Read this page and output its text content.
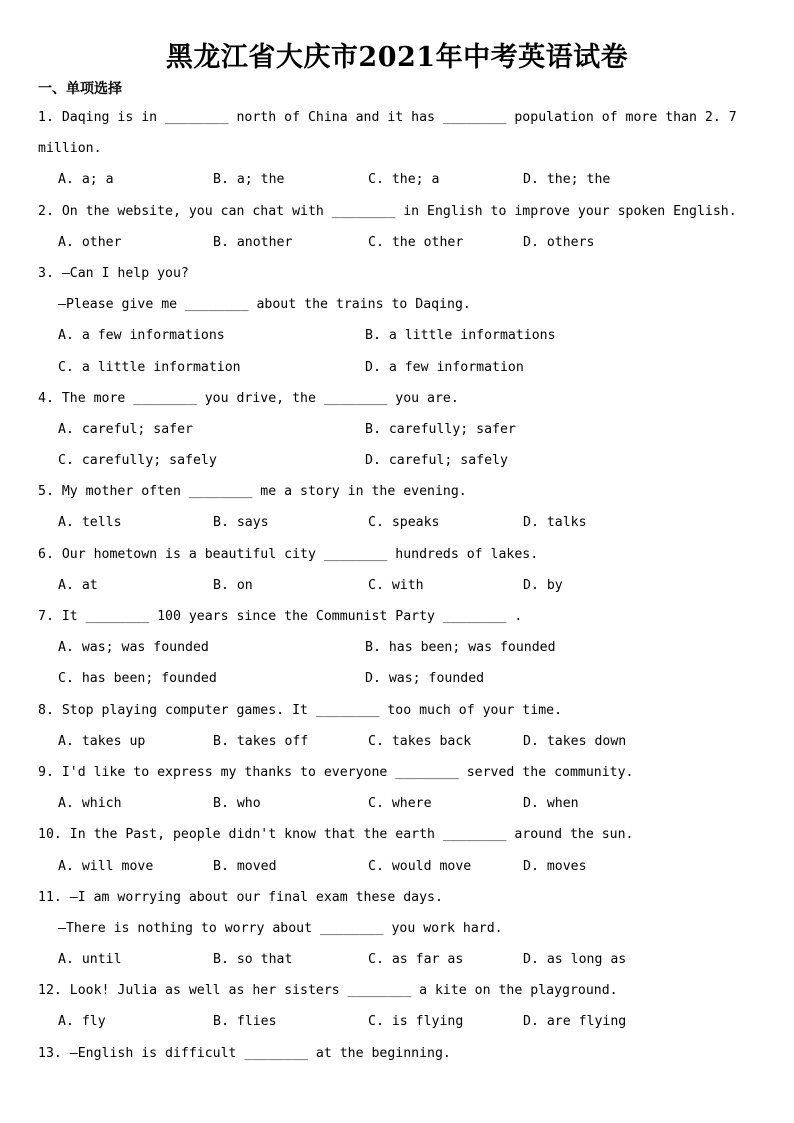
黑龙江省大庆市2021年中考英语试卷
一、单项选择
1. Daqing is in ________ north of China and it has ________ population of more than 2. 7
million.
A. a; a	B. a; the	C. the; a	D. the; the
2. On the website, you can chat with ________ in English to improve your spoken English.
A. other	B. another	C. the other	D. others
3. —Can I help you?
—Please give me ________ about the trains to Daqing.
A. a few informations	B. a little informations
C. a little information	D. a few information
4. The more ________ you drive, the ________ you are.
A. careful; safer	B. carefully; safer
C. carefully; safely	D. careful; safely
5. My mother often ________ me a story in the evening.
A. tells	B. says	C. speaks	D. talks
6. Our hometown is a beautiful city ________ hundreds of lakes.
A. at	B. on	C. with	D. by
7. It ________ 100 years since the Communist Party ________ .
A. was; was founded	B. has been; was founded
C. has been; founded	D. was; founded
8. Stop playing computer games. It ________ too much of your time.
A. takes up	B. takes off	C. takes back	D. takes down
9. I'd like to express my thanks to everyone ________ served the community.
A. which	B. who	C. where	D. when
10. In the Past, people didn't know that the earth ________ around the sun.
A. will move	B. moved	C. would move	D. moves
11. —I am worrying about our final exam these days.
—There is nothing to worry about ________ you work hard.
A. until	B. so that	C. as far as	D. as long as
12. Look! Julia as well as her sisters ________ a kite on the playground.
A. fly	B. flies	C. is flying	D. are flying
13. —English is difficult ________ at the beginning.
